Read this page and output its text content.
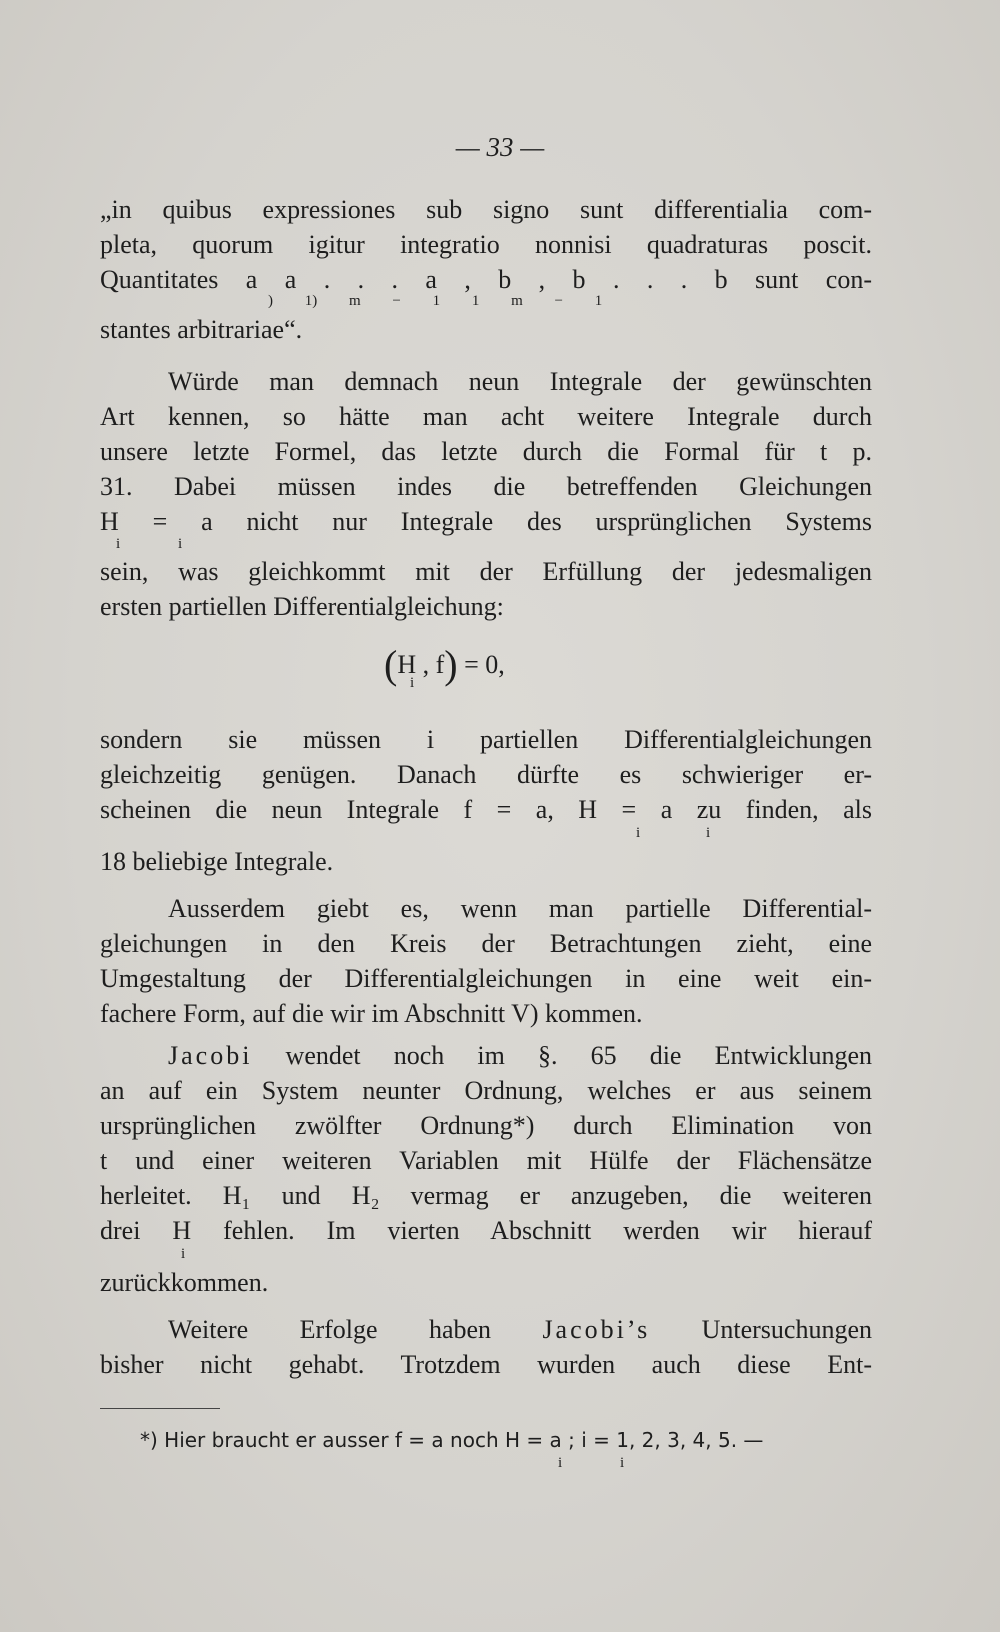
— 33 —
„in quibus expressiones sub signo sunt differentialia com-
pleta, quorum igitur integratio nonnisi quadraturas poscit.
Quantitates a a . . . a , b , b . . . b sunt con-
) 1) m − 1 1 m − 1
stantes arbitrariae“.
Würde man demnach neun Integrale der gewünschten
Art kennen, so hätte man acht weitere Integrale durch
unsere letzte Formel, das letzte durch die Formal für t p.
31. Dabei müssen indes die betreffenden Gleichungen
H = a nicht nur Integrale des ursprünglichen Systems
i	i
sein, was gleichkommt mit der Erfüllung der jedesmaligen
ersten partiellen Differentialgleichung:
(H , f) = 0,
i
sondern sie müssen i partiellen Differentialgleichungen
gleichzeitig genügen. Danach dürfte es schwieriger er-
scheinen die neun Integrale f = a, H = a zu finden, als
i	i
18 beliebige Integrale.
Ausserdem giebt es, wenn man partielle Differential-
gleichungen in den Kreis der Betrachtungen zieht, eine
Umgestaltung der Differentialgleichungen in eine weit ein-
fachere Form, auf die wir im Abschnitt V) kommen.
Jacobi wendet noch im §. 65 die Entwicklungen
an auf ein System neunter Ordnung, welches er aus seinem
ursprünglichen zwölfter Ordnung*) durch Elimination von
t und einer weiteren Variablen mit Hülfe der Flächensätze
herleitet. H₁ und H₂ vermag er anzugeben, die weiteren
drei H fehlen. Im vierten Abschnitt werden wir hierauf
i
zurückkommen.
Weitere Erfolge haben Jacobi’s Untersuchungen
bisher nicht gehabt. Trotzdem wurden auch diese Ent-
*) Hier braucht er ausser f = a noch H = a ; i = 1, 2, 3, 4, 5. —
i	i
